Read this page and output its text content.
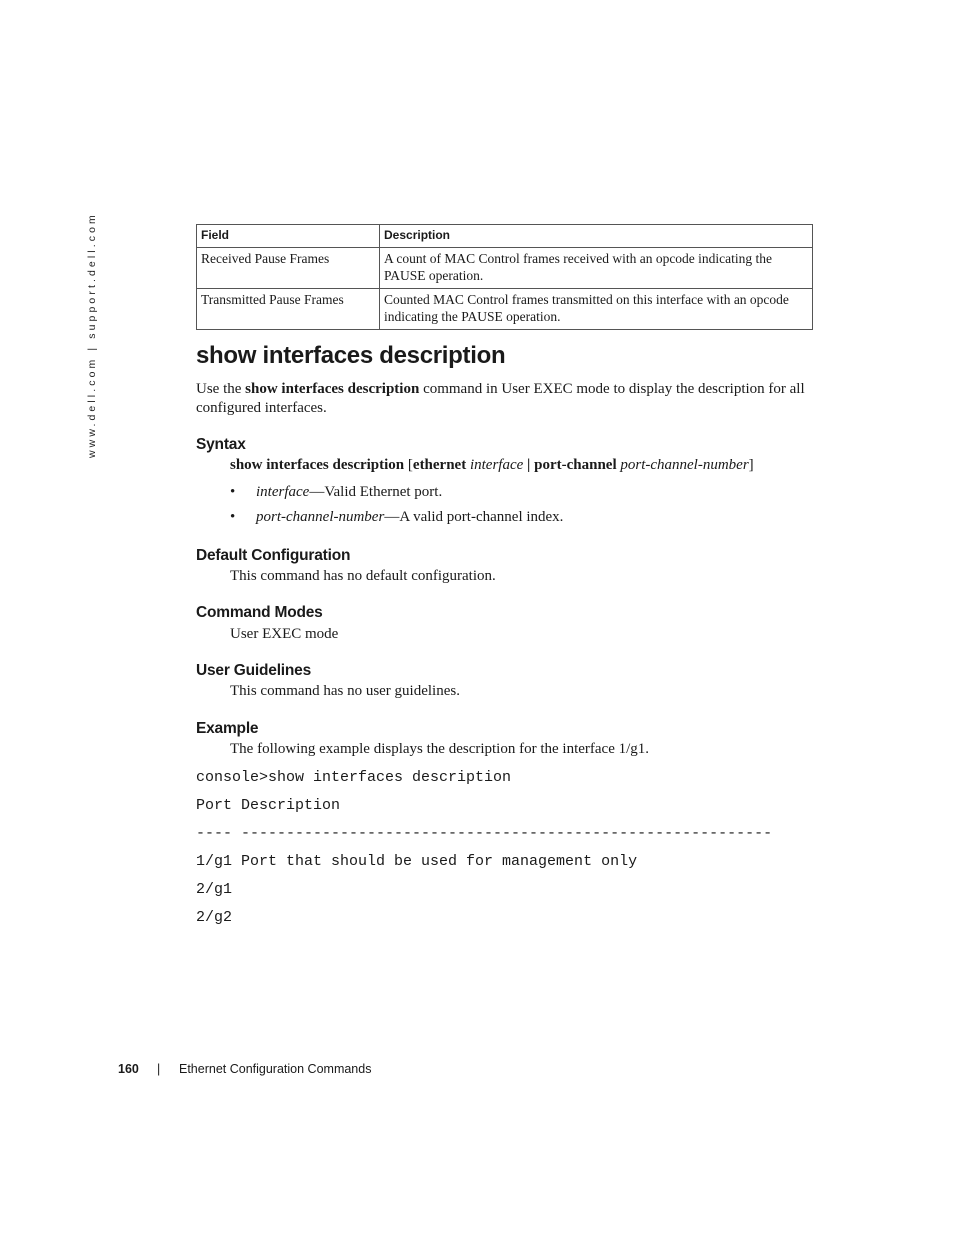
www.dell.com | support.dell.com	Field	Description
Received Pause Frames	A count of MAC Control frames received with an opcode indicating the PAUSE operation.
Transmitted Pause Frames	Counted MAC Control frames transmitted on this interface with an opcode indicating the PAUSE operation.
show interfaces description

Use the show interfaces description command in User EXEC mode to display the description for all configured interfaces.

Syntax

show interfaces description [ethernet interface | port-channel port-channel-number]

• interface—Valid Ethernet port.
• port-channel-number—A valid port-channel index.
Default Configuration

This command has no default configuration.

Command Modes

User EXEC mode

User Guidelines

This command has no user guidelines.

Example

The following example displays the description for the interface 1/g1.

console>show interfaces description
Port Description
---- -----------------------------------------------------------
1/g1 Port that should be used for management only
2/g1
2/g2
160 | Ethernet Configuration Commands
